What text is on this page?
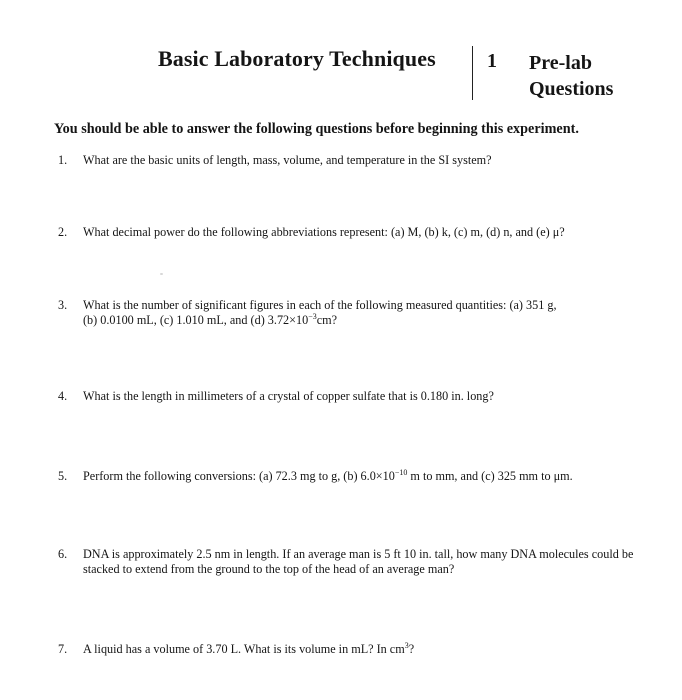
Basic Laboratory Techniques	1 Pre-lab
Questions
You should be able to answer the following questions before beginning this experiment.
1.	What are the basic units of length, mass, volume, and temperature in the SI system?
2.	What decimal power do the following abbreviations represent: (a) M, (b) k, (c) m, (d) n, and (e) μ?
3.	What is the number of significant figures in each of the following measured quantities: (a) 351 g,
(b) 0.0100 mL, (c) 1.010 mL, and (d) $3.72\times 10^{-3}cm$?
4.	What is the length in millimeters of a crystal of copper sulfate that is 0.180 in. long?
5.	Perform the following conversions: (a) 72.3 mg to g, (b) $6.0\times 10^{-10}$ m to mm, and (c) 325 mm to μm.
6.	DNA is approximately 2.5 nm in length. If an average man is 5 ft 10 in. tall, how many DNA molecules could be stacked to extend from the ground to the top of the head of an average man?
7.	A liquid has a volume of 3.70 L. What is its volume in mL? In $cm^3$?
